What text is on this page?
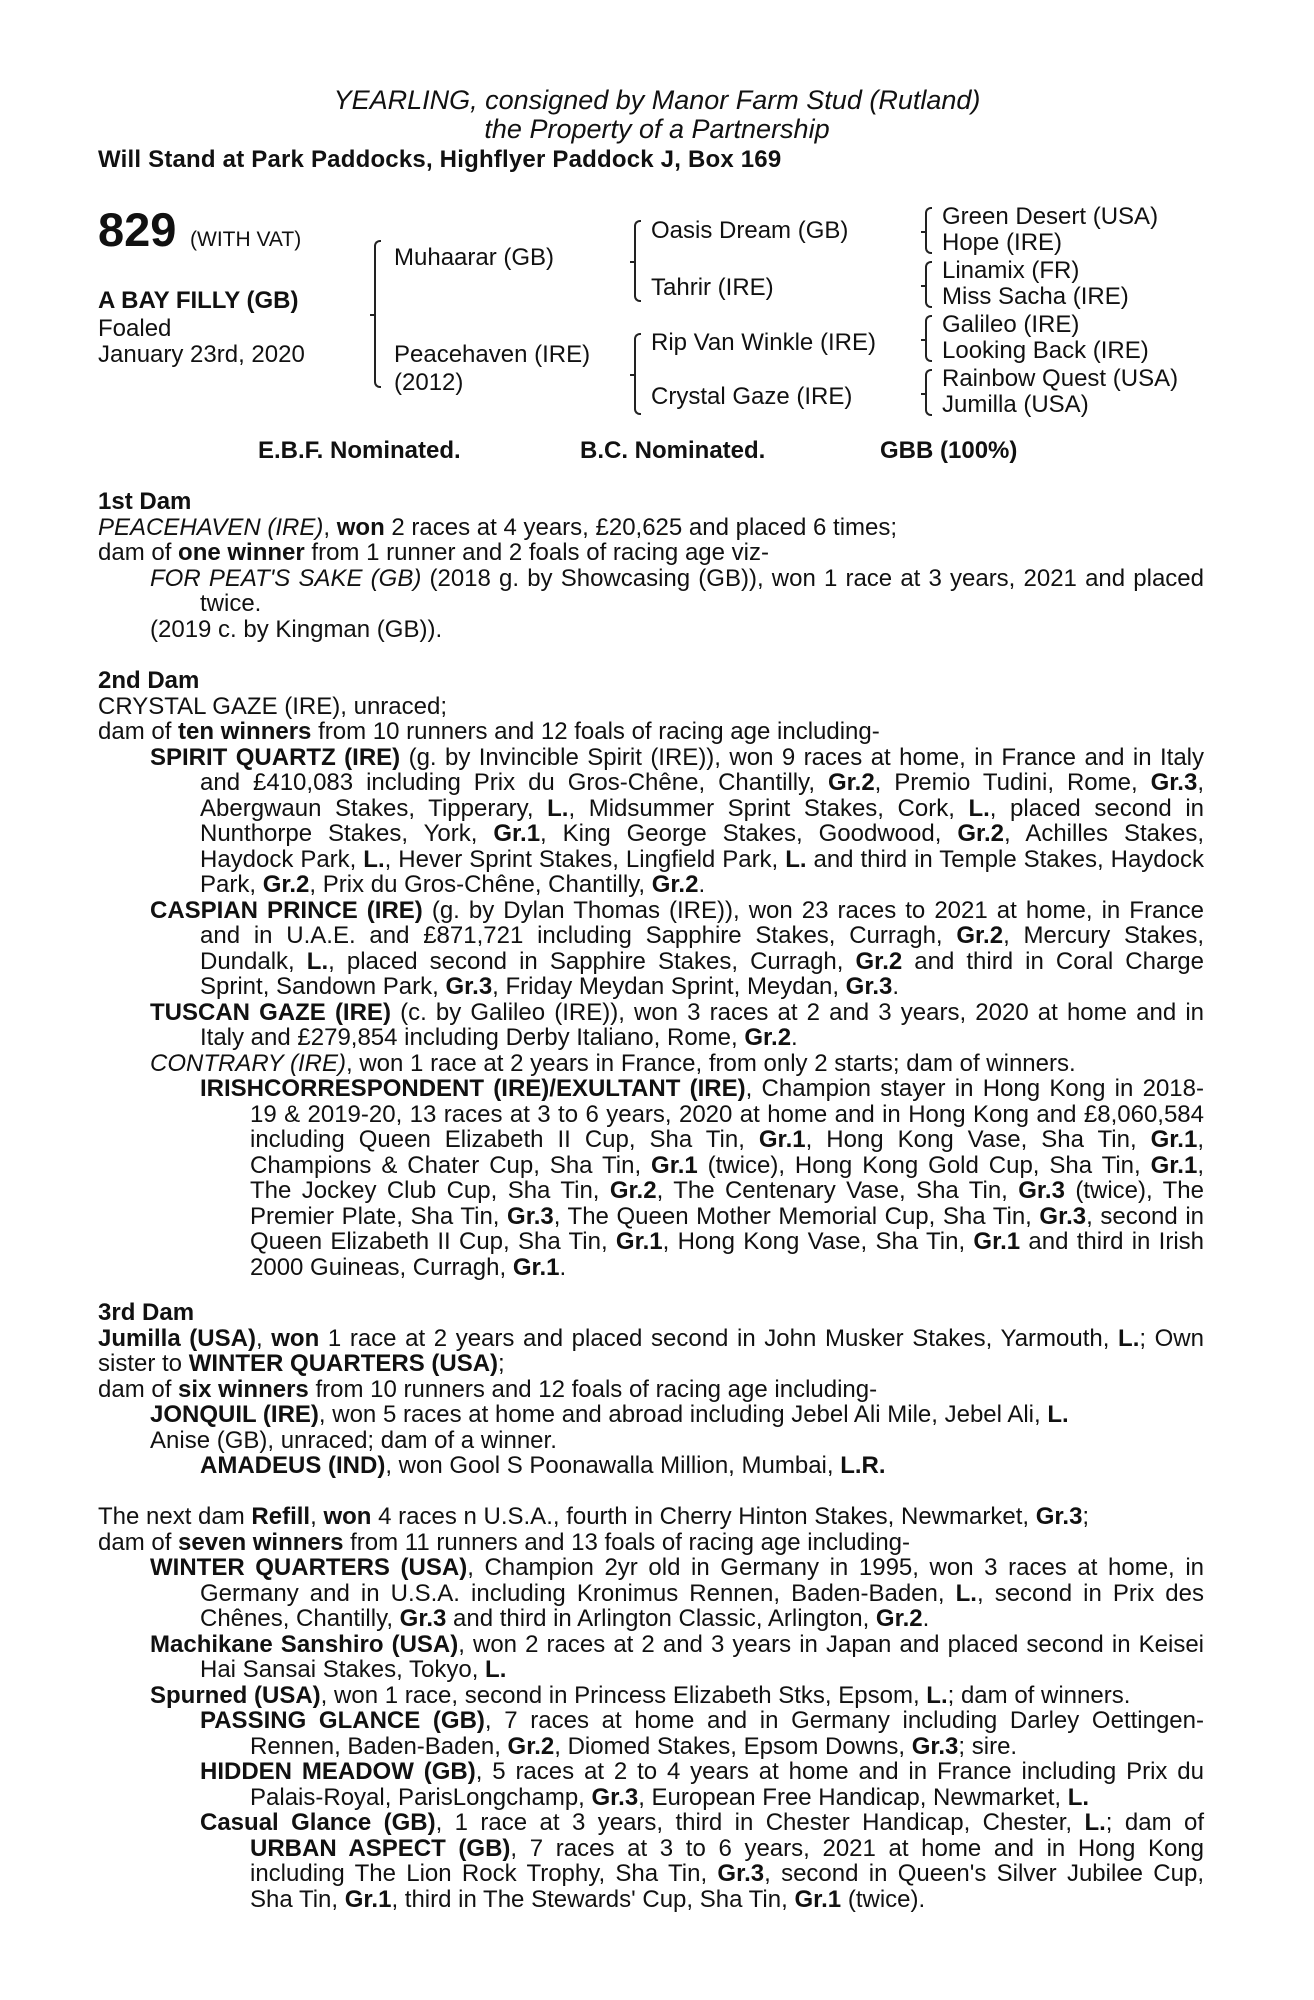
YEARLING, consigned by Manor Farm Stud (Rutland)
the Property of a Partnership
Will Stand at Park Paddocks, Highflyer Paddock J, Box 169
829 (WITH VAT)
A BAY FILLY (GB)
Foaled
January 23rd, 2020
Muhaarar (GB)
Peacehaven (IRE)
(2012)
Oasis Dream (GB)
Tahrir (IRE)
Rip Van Winkle (IRE)
Crystal Gaze (IRE)
Green Desert (USA)
Hope (IRE)
Linamix (FR)
Miss Sacha (IRE)
Galileo (IRE)
Looking Back (IRE)
Rainbow Quest (USA)
Jumilla (USA)
E.B.F. Nominated.	B.C. Nominated.	GBB (100%)

1st Dam

PEACEHAVEN (IRE), won 2 races at 4 years, £20,625 and placed 6 times;

dam of one winner from 1 runner and 2 foals of racing age viz-

FOR PEAT'S SAKE (GB) (2018 g. by Showcasing (GB)), won 1 race at 3 years, 2021 and placed twice.

(2019 c. by Kingman (GB)).

2nd Dam

CRYSTAL GAZE (IRE), unraced;

dam of ten winners from 10 runners and 12 foals of racing age including-

SPIRIT QUARTZ (IRE) (g. by Invincible Spirit (IRE)), won 9 races at home, in France and in Italy and £410,083 including Prix du Gros-Chêne, Chantilly, Gr.2, Premio Tudini, Rome, Gr.3, Abergwaun Stakes, Tipperary, L., Midsummer Sprint Stakes, Cork, L., placed second in Nunthorpe Stakes, York, Gr.1, King George Stakes, Goodwood, Gr.2, Achilles Stakes, Haydock Park, L., Hever Sprint Stakes, Lingfield Park, L. and third in Temple Stakes, Haydock Park, Gr.2, Prix du Gros-Chêne, Chantilly, Gr.2.

CASPIAN PRINCE (IRE) (g. by Dylan Thomas (IRE)), won 23 races to 2021 at home, in France and in U.A.E. and £871,721 including Sapphire Stakes, Curragh, Gr.2, Mercury Stakes, Dundalk, L., placed second in Sapphire Stakes, Curragh, Gr.2 and third in Coral Charge Sprint, Sandown Park, Gr.3, Friday Meydan Sprint, Meydan, Gr.3.

TUSCAN GAZE (IRE) (c. by Galileo (IRE)), won 3 races at 2 and 3 years, 2020 at home and in Italy and £279,854 including Derby Italiano, Rome, Gr.2.

CONTRARY (IRE), won 1 race at 2 years in France, from only 2 starts; dam of winners.

IRISHCORRESPONDENT (IRE)/EXULTANT (IRE), Champion stayer in Hong Kong in 2018-19 & 2019-20, 13 races at 3 to 6 years, 2020 at home and in Hong Kong and £8,060,584 including Queen Elizabeth II Cup, Sha Tin, Gr.1, Hong Kong Vase, Sha Tin, Gr.1, Champions & Chater Cup, Sha Tin, Gr.1 (twice), Hong Kong Gold Cup, Sha Tin, Gr.1, The Jockey Club Cup, Sha Tin, Gr.2, The Centenary Vase, Sha Tin, Gr.3 (twice), The Premier Plate, Sha Tin, Gr.3, The Queen Mother Memorial Cup, Sha Tin, Gr.3, second in Queen Elizabeth II Cup, Sha Tin, Gr.1, Hong Kong Vase, Sha Tin, Gr.1 and third in Irish 2000 Guineas, Curragh, Gr.1.

3rd Dam

Jumilla (USA), won 1 race at 2 years and placed second in John Musker Stakes, Yarmouth, L.; Own sister to WINTER QUARTERS (USA);

dam of six winners from 10 runners and 12 foals of racing age including-

JONQUIL (IRE), won 5 races at home and abroad including Jebel Ali Mile, Jebel Ali, L.

Anise (GB), unraced; dam of a winner.

AMADEUS (IND), won Gool S Poonawalla Million, Mumbai, L.R.

The next dam Refill, won 4 races n U.S.A., fourth in Cherry Hinton Stakes, Newmarket, Gr.3;

dam of seven winners from 11 runners and 13 foals of racing age including-

WINTER QUARTERS (USA), Champion 2yr old in Germany in 1995, won 3 races at home, in Germany and in U.S.A. including Kronimus Rennen, Baden-Baden, L., second in Prix des Chênes, Chantilly, Gr.3 and third in Arlington Classic, Arlington, Gr.2.

Machikane Sanshiro (USA), won 2 races at 2 and 3 years in Japan and placed second in Keisei Hai Sansai Stakes, Tokyo, L.

Spurned (USA), won 1 race, second in Princess Elizabeth Stks, Epsom, L.; dam of winners.

PASSING GLANCE (GB), 7 races at home and in Germany including Darley Oettingen-Rennen, Baden-Baden, Gr.2, Diomed Stakes, Epsom Downs, Gr.3; sire.

HIDDEN MEADOW (GB), 5 races at 2 to 4 years at home and in France including Prix du Palais-Royal, ParisLongchamp, Gr.3, European Free Handicap, Newmarket, L.

Casual Glance (GB), 1 race at 3 years, third in Chester Handicap, Chester, L.; dam of URBAN ASPECT (GB), 7 races at 3 to 6 years, 2021 at home and in Hong Kong including The Lion Rock Trophy, Sha Tin, Gr.3, second in Queen's Silver Jubilee Cup, Sha Tin, Gr.1, third in The Stewards' Cup, Sha Tin, Gr.1 (twice).
